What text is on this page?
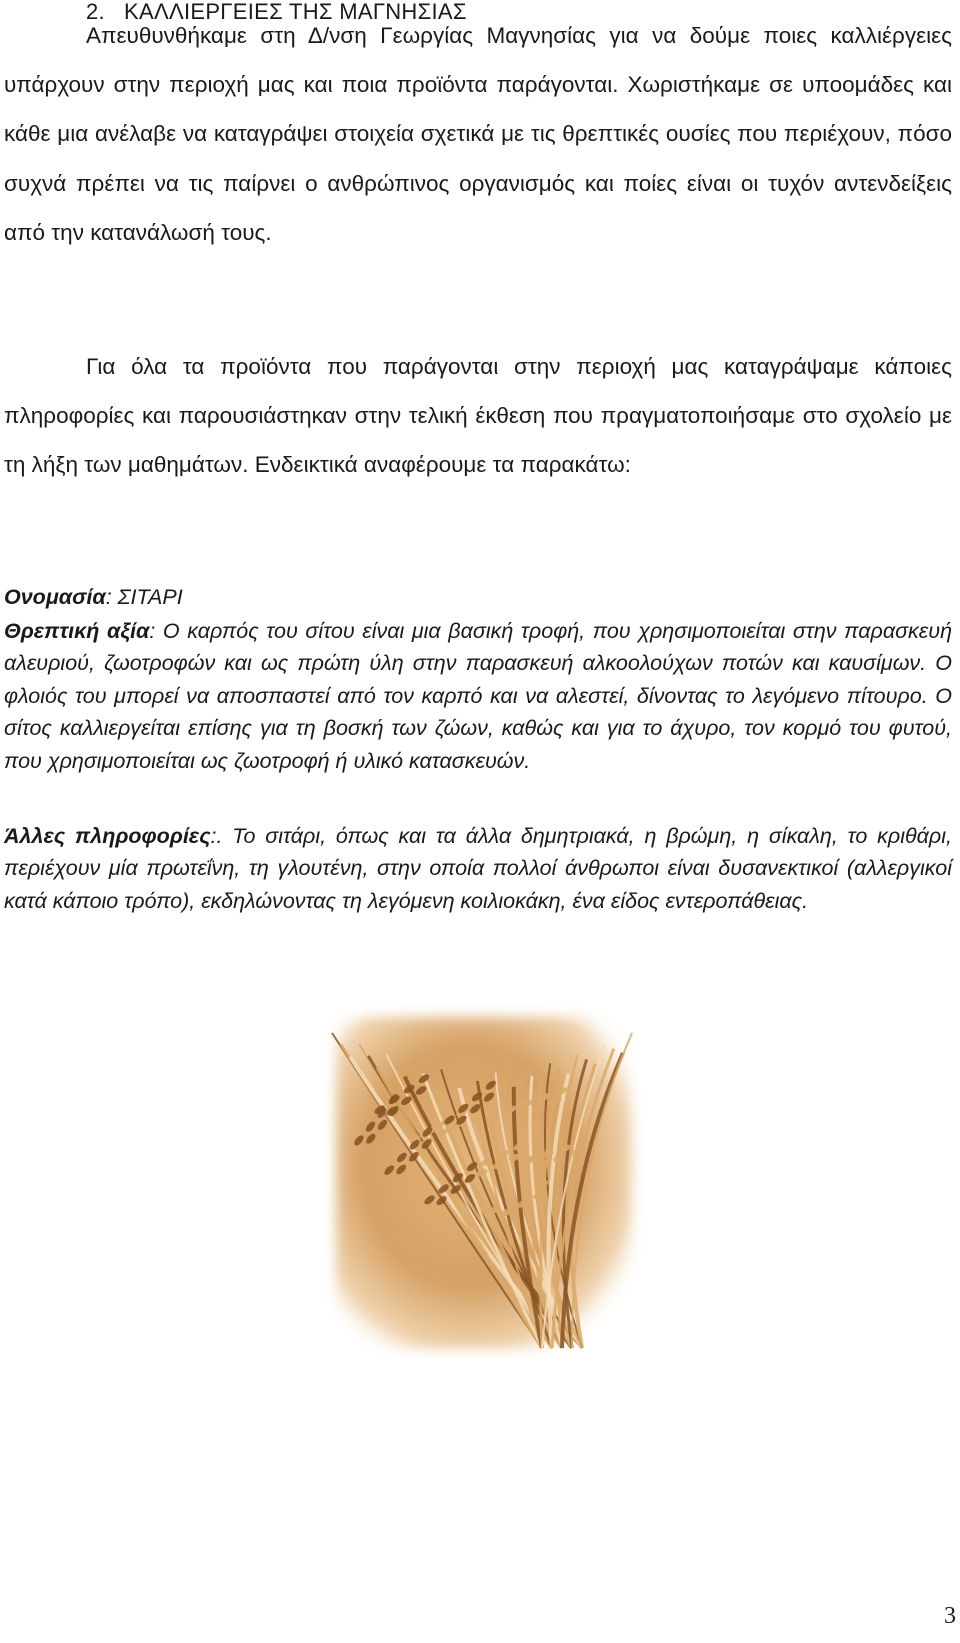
2. ΚΑΛΛΙΕΡΓΕΙΕΣ ΤΗΣ ΜΑΓΝΗΣΙΑΣ

Απευθυνθήκαμε στη Δ/νση Γεωργίας Μαγνησίας για να δούμε ποιες καλλιέργειες υπάρχουν στην περιοχή μας και ποια προϊόντα παράγονται. Χωριστήκαμε σε υποομάδες και κάθε μια ανέλαβε να καταγράψει στοιχεία σχετικά με τις θρεπτικές ουσίες που περιέχουν, πόσο συχνά πρέπει να τις παίρνει ο ανθρώπινος οργανισμός και ποίες είναι οι τυχόν αντενδείξεις από την κατανάλωσή τους.

Για όλα τα προϊόντα που παράγονται στην περιοχή μας καταγράψαμε κάποιες πληροφορίες και παρουσιάστηκαν στην τελική έκθεση που πραγματοποιήσαμε στο σχολείο με τη λήξη των μαθημάτων. Ενδεικτικά αναφέρουμε τα παρακάτω:

Ονομασία: ΣΙΤΑΡΙ

Θρεπτική αξία: Ο καρπός του σίτου είναι μια βασική τροφή, που χρησιμοποιείται στην παρασκευή αλευριού, ζωοτροφών και ως πρώτη ύλη στην παρασκευή αλκοολούχων ποτών και καυσίμων. Ο φλοιός του μπορεί να αποσπαστεί από τον καρπό και να αλεστεί, δίνοντας το λεγόμενο πίτουρο. Ο σίτος καλλιεργείται επίσης για τη βοσκή των ζώων, καθώς και για το άχυρο, τον κορμό του φυτού, που χρησιμοποιείται ως ζωοτροφή ή υλικό κατασκευών.

Άλλες πληροφορίες:. Το σιτάρι, όπως και τα άλλα δημητριακά, η βρώμη, η σίκαλη, το κριθάρι, περιέχουν μία πρωτεΐνη, τη γλουτένη, στην οποία πολλοί άνθρωποι είναι δυσανεκτικοί (αλλεργικοί κατά κάποιο τρόπο), εκδηλώνοντας τη λεγόμενη κοιλιοκάκη, ένα είδος εντεροπάθειας.

3
